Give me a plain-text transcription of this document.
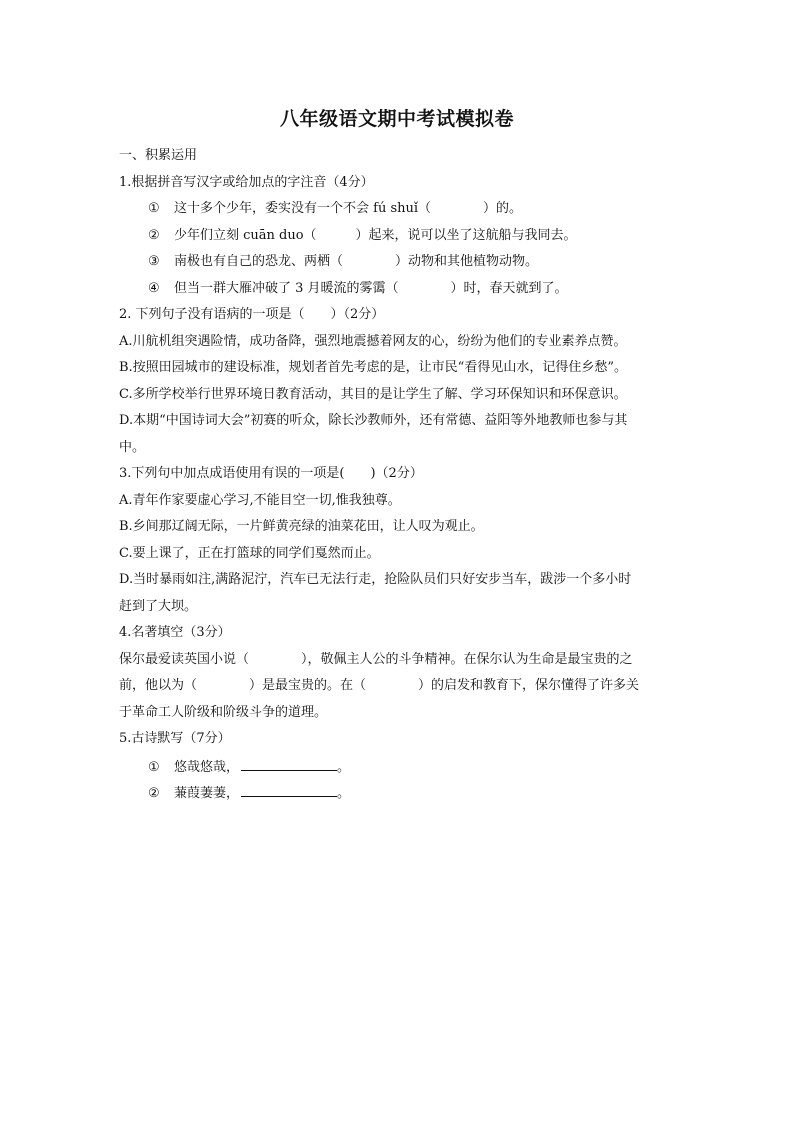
八年级语文期中考试模拟卷
一、积累运用
1.根据拼音写汉字或给加点的字注音（4分）
① 这十多个少年，委实没有一个不会 fú shuǐ（　　　　）的。
② 少年们立刻 cuān duo（　　　）起来，说可以坐了这航船与我同去。
③ 南极也有自己的恐龙、两栖（　　　　）动物和其他植物动物。
④ 但当一群大雁冲破了 3 月暖流的雾霭（　　　　）时，春天就到了。
2. 下列句子没有语病的一项是（　　）（2分）
A.川航机组突遇险情，成功备降，强烈地震撼着网友的心，纷纷为他们的专业素养点赞。
B.按照田园城市的建设标准，规划者首先考虑的是，让市民“看得见山水，记得住乡愁”。
C.多所学校举行世界环境日教育活动，其目的是让学生了解、学习环保知识和环保意识。
D.本期“中国诗词大会”初赛的听众，除长沙教师外，还有常德、益阳等外地教师也参与其
中。
3.下列句中加点成语使用有误的一项是(　　)（2分）
A.青年作家要虚心学习,不能目空一切,惟我独尊。
B.乡间那辽阔无际，一片鲜黄亮绿的油菜花田，让人叹为观止。
C.要上课了，正在打篮球的同学们戛然而止。
D.当时暴雨如注,满路泥泞，汽车已无法行走，抢险队员们只好安步当车，跋涉一个多小时
赶到了大坝。
4.名著填空（3分）
保尔最爱读英国小说（　　　　），敬佩主人公的斗争精神。在保尔认为生命是最宝贵的之
前，他以为（　　　　）是最宝贵的。在（　　　　）的启发和教育下，保尔懂得了许多关
于革命工人阶级和阶级斗争的道理。
5.古诗默写（7分）
① 悠哉悠哉，	。
② 蒹葭萋萋，	。
